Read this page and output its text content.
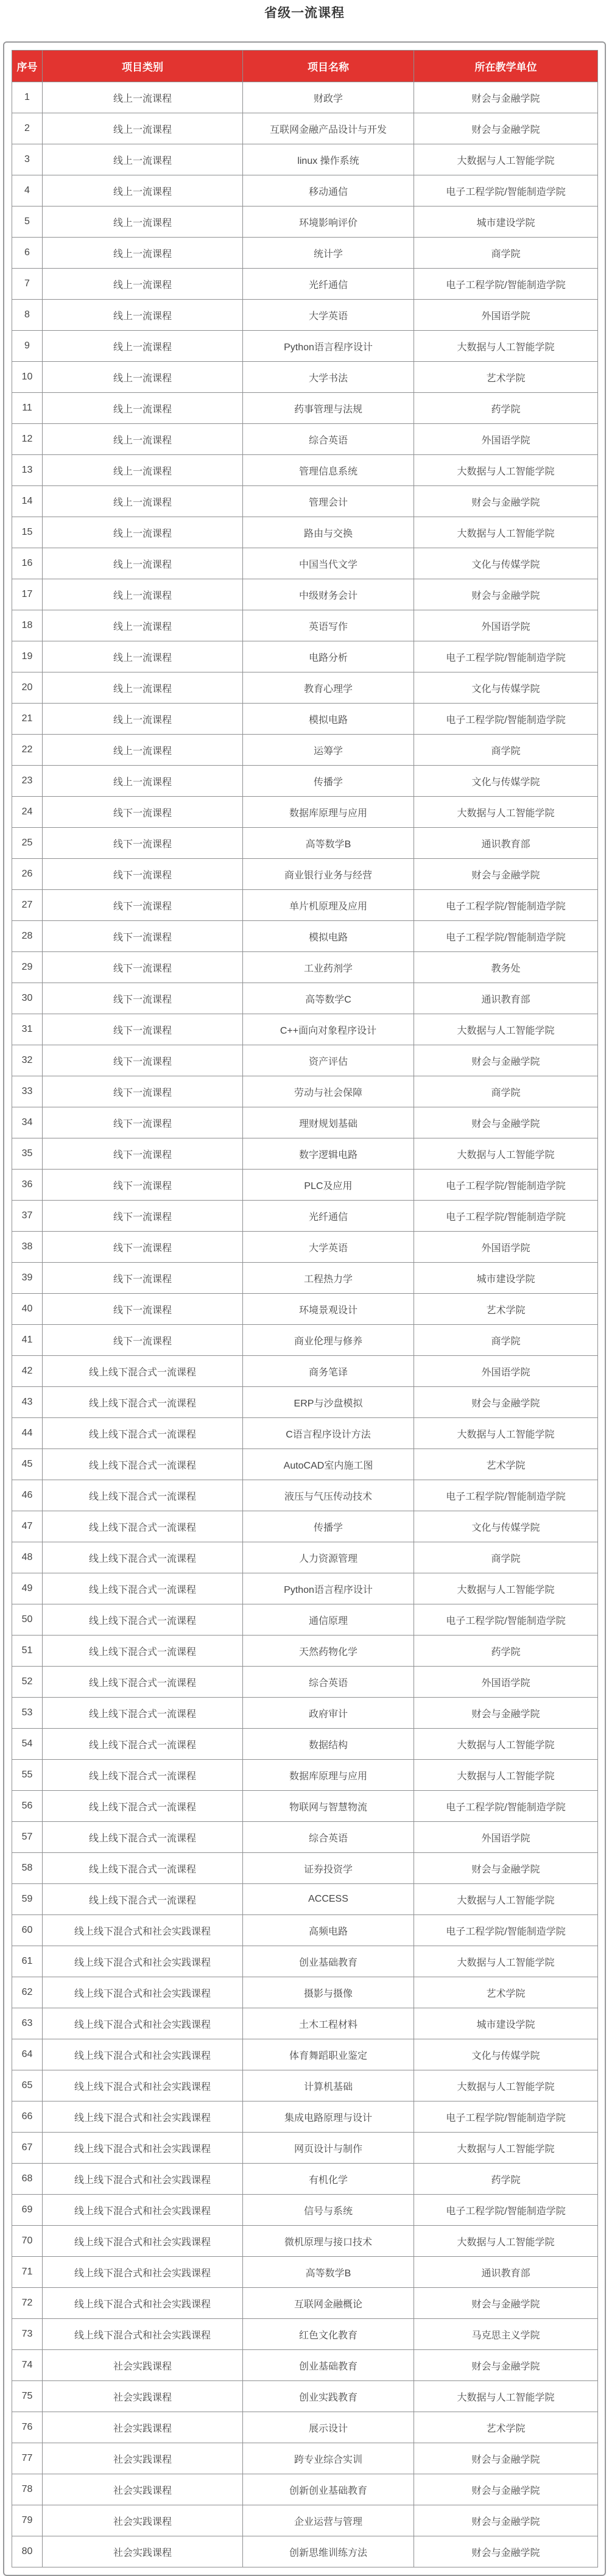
省级一流课程
序号	项目类别	项目名称	所在教学单位
1	线上一流课程	财政学	财会与金融学院
2	线上一流课程	互联网金融产品设计与开发	财会与金融学院
3	线上一流课程	linux 操作系统	大数据与人工智能学院
4	线上一流课程	移动通信	电子工程学院/智能制造学院
5	线上一流课程	环境影响评价	城市建设学院
6	线上一流课程	统计学	商学院
7	线上一流课程	光纤通信	电子工程学院/智能制造学院
8	线上一流课程	大学英语	外国语学院
9	线上一流课程	Python语言程序设计	大数据与人工智能学院
10	线上一流课程	大学书法	艺术学院
11	线上一流课程	药事管理与法规	药学院
12	线上一流课程	综合英语	外国语学院
13	线上一流课程	管理信息系统	大数据与人工智能学院
14	线上一流课程	管理会计	财会与金融学院
15	线上一流课程	路由与交换	大数据与人工智能学院
16	线上一流课程	中国当代文学	文化与传媒学院
17	线上一流课程	中级财务会计	财会与金融学院
18	线上一流课程	英语写作	外国语学院
19	线上一流课程	电路分析	电子工程学院/智能制造学院
20	线上一流课程	教育心理学	文化与传媒学院
21	线上一流课程	模拟电路	电子工程学院/智能制造学院
22	线上一流课程	运筹学	商学院
23	线上一流课程	传播学	文化与传媒学院
24	线下一流课程	数据库原理与应用	大数据与人工智能学院
25	线下一流课程	高等数学B	通识教育部
26	线下一流课程	商业银行业务与经营	财会与金融学院
27	线下一流课程	单片机原理及应用	电子工程学院/智能制造学院
28	线下一流课程	模拟电路	电子工程学院/智能制造学院
29	线下一流课程	工业药剂学	教务处
30	线下一流课程	高等数学C	通识教育部
31	线下一流课程	C++面向对象程序设计	大数据与人工智能学院
32	线下一流课程	资产评估	财会与金融学院
33	线下一流课程	劳动与社会保障	商学院
34	线下一流课程	理财规划基础	财会与金融学院
35	线下一流课程	数字逻辑电路	大数据与人工智能学院
36	线下一流课程	PLC及应用	电子工程学院/智能制造学院
37	线下一流课程	光纤通信	电子工程学院/智能制造学院
38	线下一流课程	大学英语	外国语学院
39	线下一流课程	工程热力学	城市建设学院
40	线下一流课程	环境景观设计	艺术学院
41	线下一流课程	商业伦理与修养	商学院
42	线上线下混合式一流课程	商务笔译	外国语学院
43	线上线下混合式一流课程	ERP与沙盘模拟	财会与金融学院
44	线上线下混合式一流课程	C语言程序设计方法	大数据与人工智能学院
45	线上线下混合式一流课程	AutoCAD室内施工图	艺术学院
46	线上线下混合式一流课程	液压与气压传动技术	电子工程学院/智能制造学院
47	线上线下混合式一流课程	传播学	文化与传媒学院
48	线上线下混合式一流课程	人力资源管理	商学院
49	线上线下混合式一流课程	Python语言程序设计	大数据与人工智能学院
50	线上线下混合式一流课程	通信原理	电子工程学院/智能制造学院
51	线上线下混合式一流课程	天然药物化学	药学院
52	线上线下混合式一流课程	综合英语	外国语学院
53	线上线下混合式一流课程	政府审计	财会与金融学院
54	线上线下混合式一流课程	数据结构	大数据与人工智能学院
55	线上线下混合式一流课程	数据库原理与应用	大数据与人工智能学院
56	线上线下混合式一流课程	物联网与智慧物流	电子工程学院/智能制造学院
57	线上线下混合式一流课程	综合英语	外国语学院
58	线上线下混合式一流课程	证券投资学	财会与金融学院
59	线上线下混合式一流课程	ACCESS	大数据与人工智能学院
60	线上线下混合式和社会实践课程	高频电路	电子工程学院/智能制造学院
61	线上线下混合式和社会实践课程	创业基础教育	大数据与人工智能学院
62	线上线下混合式和社会实践课程	摄影与摄像	艺术学院
63	线上线下混合式和社会实践课程	土木工程材料	城市建设学院
64	线上线下混合式和社会实践课程	体育舞蹈职业鉴定	文化与传媒学院
65	线上线下混合式和社会实践课程	计算机基础	大数据与人工智能学院
66	线上线下混合式和社会实践课程	集成电路原理与设计	电子工程学院/智能制造学院
67	线上线下混合式和社会实践课程	网页设计与制作	大数据与人工智能学院
68	线上线下混合式和社会实践课程	有机化学	药学院
69	线上线下混合式和社会实践课程	信号与系统	电子工程学院/智能制造学院
70	线上线下混合式和社会实践课程	微机原理与接口技术	大数据与人工智能学院
71	线上线下混合式和社会实践课程	高等数学B	通识教育部
72	线上线下混合式和社会实践课程	互联网金融概论	财会与金融学院
73	线上线下混合式和社会实践课程	红色文化教育	马克思主义学院
74	社会实践课程	创业基础教育	财会与金融学院
75	社会实践课程	创业实践教育	大数据与人工智能学院
76	社会实践课程	展示设计	艺术学院
77	社会实践课程	跨专业综合实训	财会与金融学院
78	社会实践课程	创新创业基础教育	财会与金融学院
79	社会实践课程	企业运营与管理	财会与金融学院
80	社会实践课程	创新思维训练方法	财会与金融学院
